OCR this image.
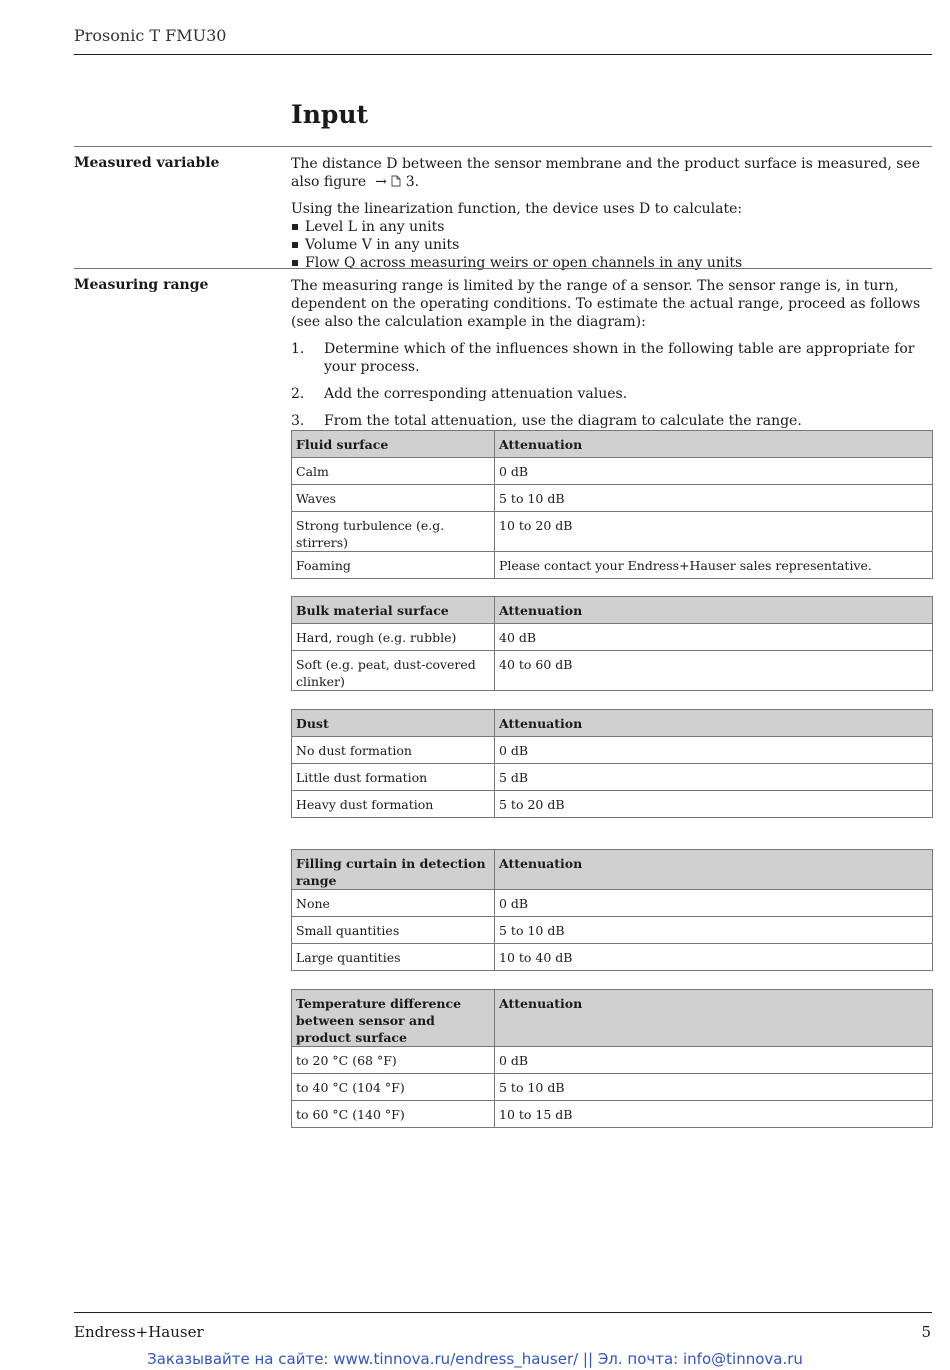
Prosonic T FMU30
Input
Measured variable	The distance D between the sensor membrane and the product surface is measured, see also figure  →  3.

Using the linearization function, the device uses D to calculate:

Level L in any units
Volume V in any units
Flow Q across measuring weirs or open channels in any units
Measuring range	The measuring range is limited by the range of a sensor. The sensor range is, in turn, dependent on the operating conditions. To estimate the actual range, proceed as follows (see also the calculation example in the diagram):

1.	Determine which of the influences shown in the following table are appropriate for your process.
2.	Add the corresponding attenuation values.
3.	From the total attenuation, use the diagram to calculate the range.
Fluid surface	Attenuation
Calm	0 dB
Waves	5 to 10 dB
Strong turbulence (e.g. stirrers)	10 to 20 dB
Foaming	Please contact your Endress+Hauser sales representative.
Bulk material surface	Attenuation
Hard, rough (e.g. rubble)	40 dB
Soft (e.g. peat, dust-covered clinker)	40 to 60 dB
Dust	Attenuation
No dust formation	0 dB
Little dust formation	5 dB
Heavy dust formation	5 to 20 dB
Filling curtain in detection range	Attenuation
None	0 dB
Small quantities	5 to 10 dB
Large quantities	10 to 40 dB
Temperature difference between sensor and product surface	Attenuation
to 20 °C (68 °F)	0 dB
to 40 °C (104 °F)	5 to 10 dB
to 60 °C (140 °F)	10 to 15 dB
Endress+Hauser	5
Заказывайте на сайте: www.tinnova.ru/endress_hauser/ || Эл. почта: info@tinnova.ru
